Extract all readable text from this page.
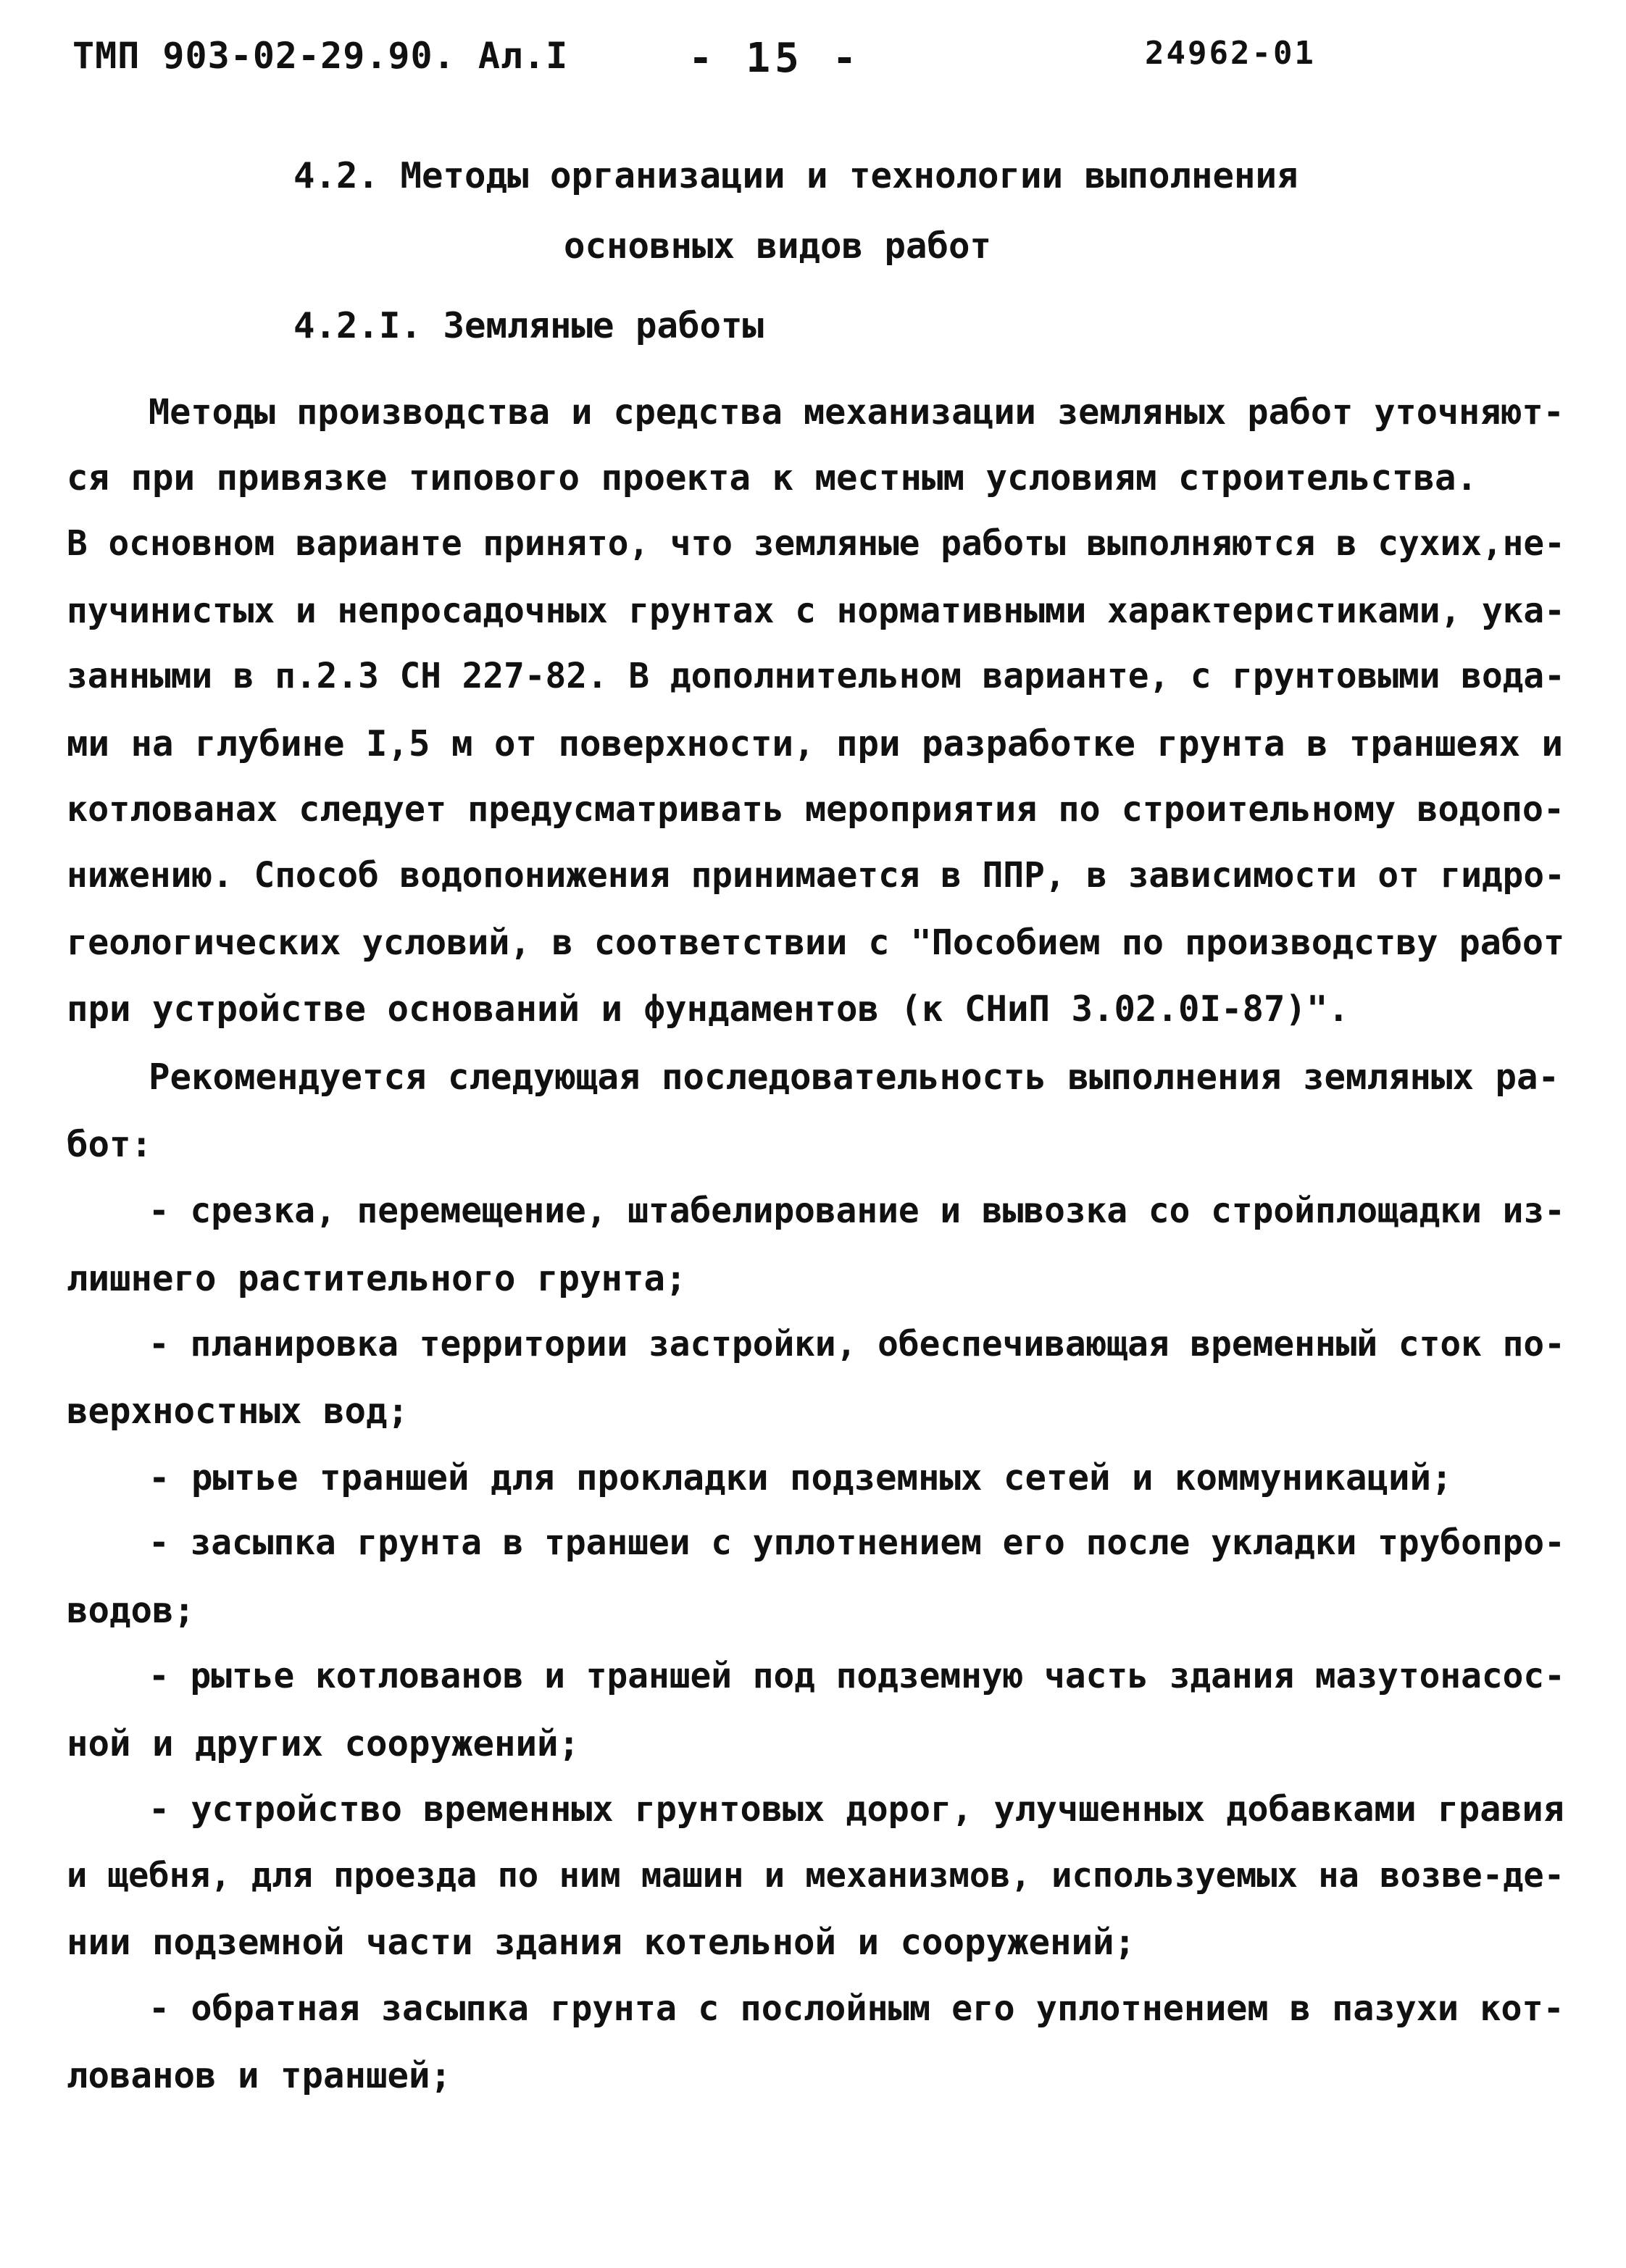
ТМП 903-02-29.90. Ал.I	- 15 -	24962-01
4.2. Методы организации и технологии выполнения
основных видов работ
4.2.I. Земляные работы
Методы производства и средства механизации земляных работ уточняют-
ся при привязке типового проекта к местным условиям строительства.
В основном варианте принято, что земляные работы выполняются в сухих,не-
пучинистых и непросадочных грунтах с нормативными характеристиками, ука-
занными в п.2.3 СН 227-82. В дополнительном варианте, с грунтовыми вода-
ми на глубине I,5 м от поверхности, при разработке грунта в траншеях и
котлованах следует предусматривать мероприятия по строительному водопо-
нижению. Способ водопонижения принимается в ППР, в зависимости от гидро-
геологических условий, в соответствии с "Пособием по производству работ
при устройстве оснований и фундаментов (к СНиП 3.02.0I-87)".
Рекомендуется следующая последовательность выполнения земляных ра-
бот:
- срезка, перемещение, штабелирование и вывозка со стройплощадки из-
лишнего растительного грунта;
- планировка территории застройки, обеспечивающая временный сток по-
верхностных вод;
- рытье траншей для прокладки подземных сетей и коммуникаций;
- засыпка грунта в траншеи с уплотнением его после укладки трубопро-
водов;
- рытье котлованов и траншей под подземную часть здания мазутонасос-
ной и других сооружений;
- устройство временных грунтовых дорог, улучшенных добавками гравия
и щебня, для проезда по ним машин и механизмов, используемых на возве-де-
нии подземной части здания котельной и сооружений;
- обратная засыпка грунта с послойным его уплотнением в пазухи кот-
лованов и траншей;
